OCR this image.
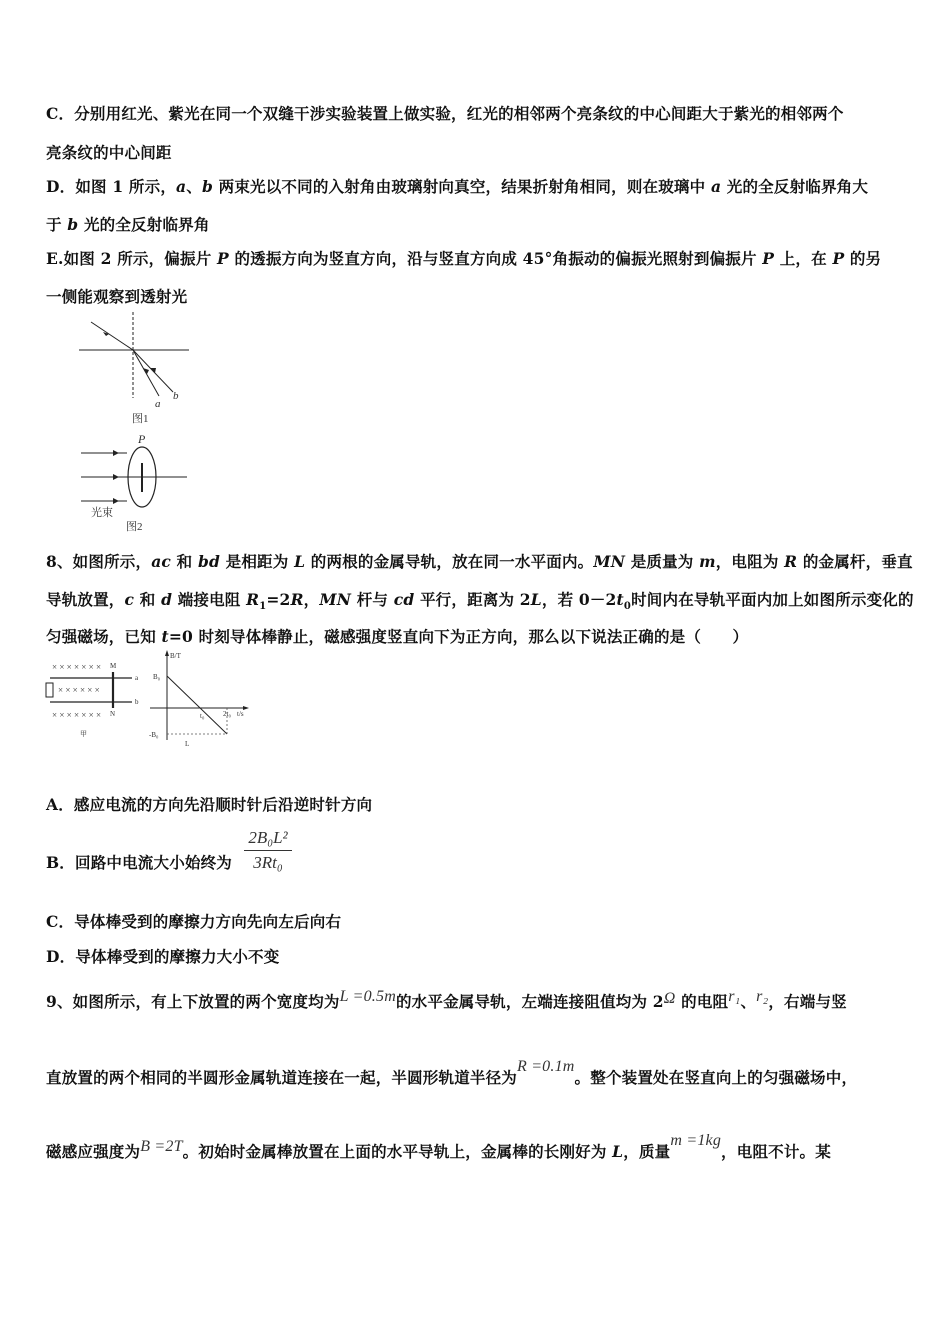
C．分别用红光、紫光在同一个双缝干涉实验装置上做实验，红光的相邻两个亮条纹的中心间距大于紫光的相邻两个
亮条纹的中心间距
D．如图 1 所示，a、b 两束光以不同的入射角由玻璃射向真空，结果折射角相同，则在玻璃中 a 光的全反射临界角大
于 b 光的全反射临界角
E.如图 2 所示，偏振片 P 的透振方向为竖直方向，沿与竖直方向成 45°角振动的偏振光照射到偏振片 P 上，在 P 的另
一侧能观察到透射光
a
b
图1
P
光束
图2
8、如图所示，ac 和 bd 是相距为 L 的两根的金属导轨，放在同一水平面内。MN 是质量为 m，电阻为 R 的金属杆，垂直
导轨放置，c 和 d 端接电阻 $R_1=2R$，MN 杆与 cd 平行，距离为 2L，若 $0-2t_0$时间内在导轨平面内加上如图所示变化的
匀强磁场，已知 t=0 时刻导体棒静止，磁感强度竖直向下为正方向，那么以下说法正确的是（　　）
× × × × × × ×
× × × × × ×
× × × × × × ×
M
N
a
b
甲
B/T
B₀
-B₀
t₀	2t₀ t/s
L
A．感应电流的方向先沿顺时针后沿逆时针方向
B．回路中电流大小始终为
2B₀L²
3Rt₀
C．导体棒受到的摩擦力方向先向左后向右
D．导体棒受到的摩擦力大小不变
9、如图所示，有上下放置的两个宽度均为L =0.5m的水平金属导轨，左端连接阻值均为 2Ω 的电阻r₁、r₂，右端与竖
直放置的两个相同的半圆形金属轨道连接在一起，半圆形轨道半径为R =0.1m。整个装置处在竖直向上的匀强磁场中，
磁感应强度为B =2T。初始时金属棒放置在上面的水平导轨上，金属棒的长刚好为 L，质量m =1kg，电阻不计。某
